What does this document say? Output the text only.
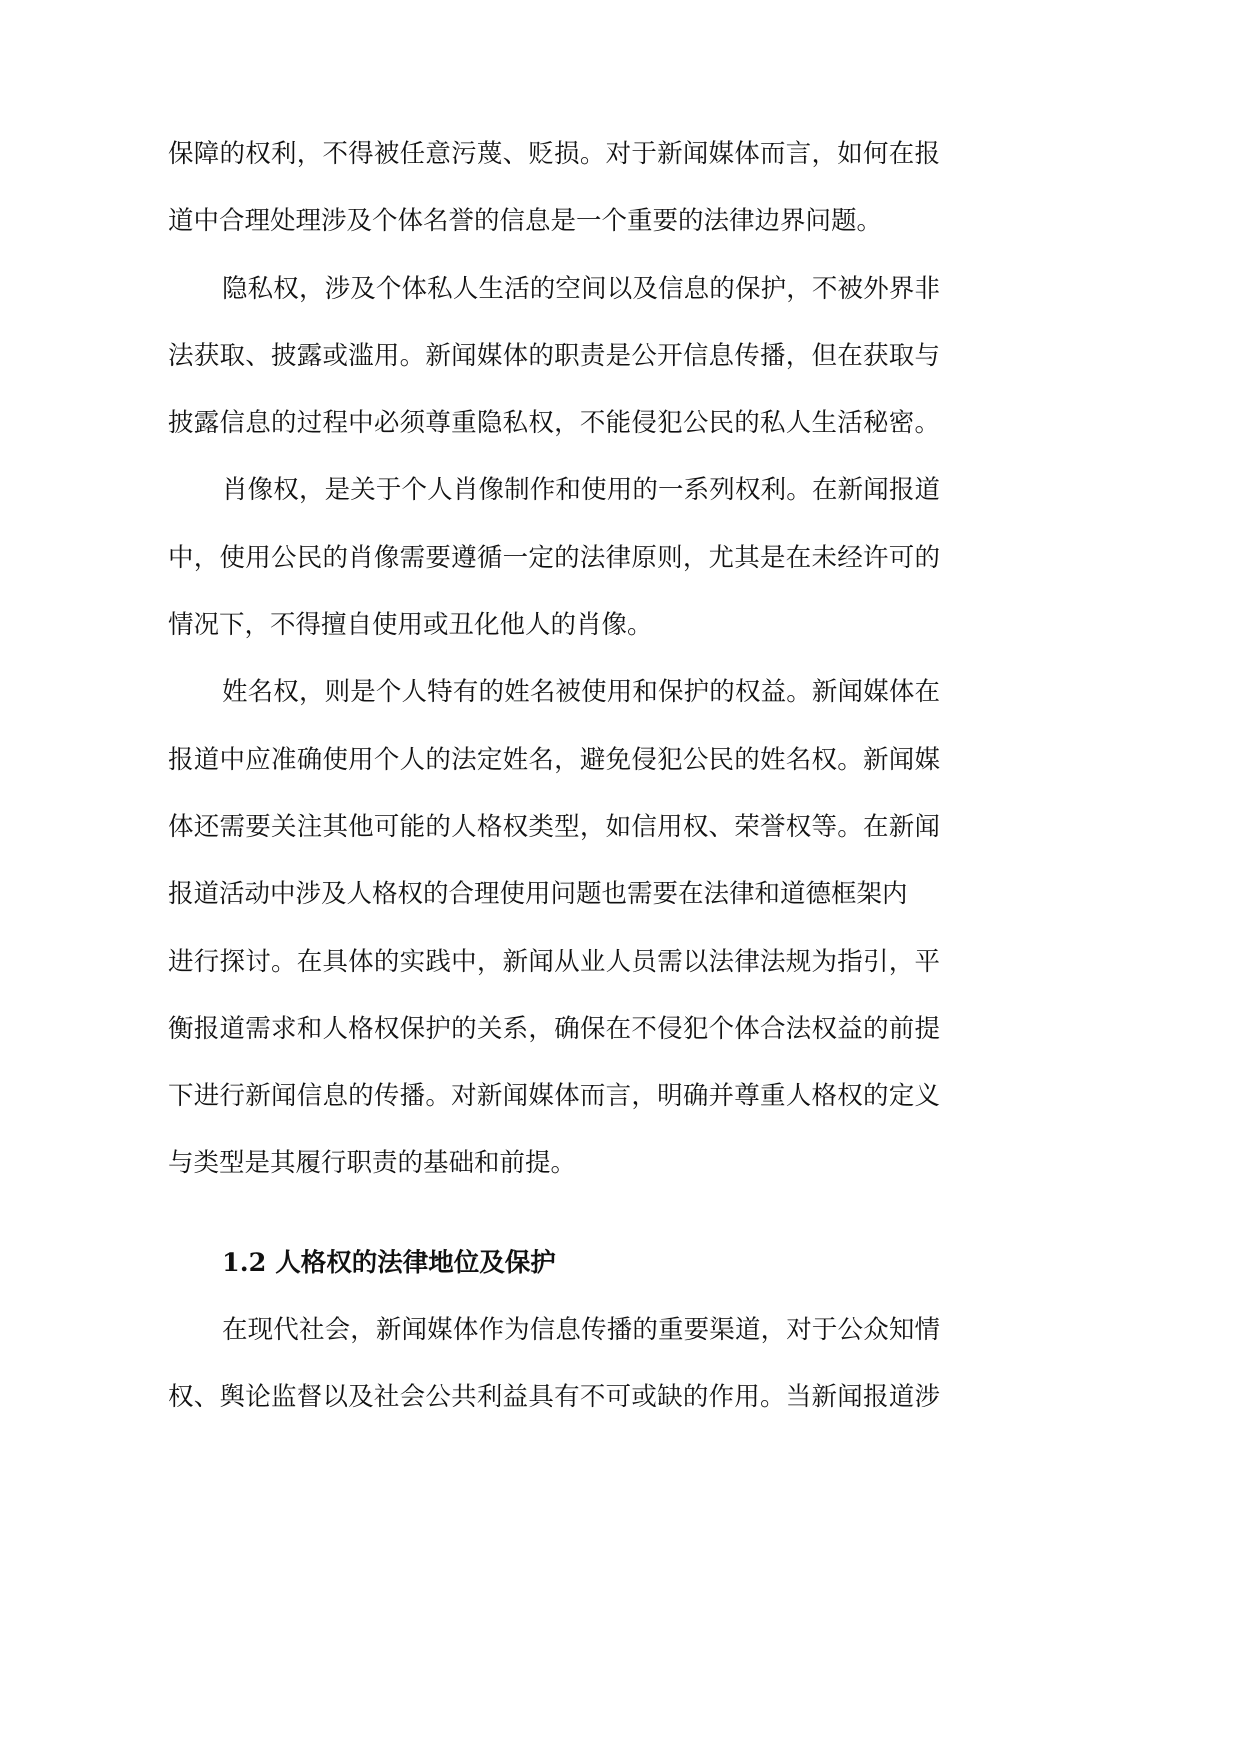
保障的权利，不得被任意污蔑、贬损。对于新闻媒体而言，如何在报
道中合理处理涉及个体名誉的信息是一个重要的法律边界问题。
隐私权，涉及个体私人生活的空间以及信息的保护，不被外界非
法获取、披露或滥用。新闻媒体的职责是公开信息传播，但在获取与
披露信息的过程中必须尊重隐私权，不能侵犯公民的私人生活秘密。
肖像权，是关于个人肖像制作和使用的一系列权利。在新闻报道
中，使用公民的肖像需要遵循一定的法律原则，尤其是在未经许可的
情况下，不得擅自使用或丑化他人的肖像。
姓名权，则是个人特有的姓名被使用和保护的权益。新闻媒体在
报道中应准确使用个人的法定姓名，避免侵犯公民的姓名权。新闻媒
体还需要关注其他可能的人格权类型，如信用权、荣誉权等。在新闻
报道活动中涉及人格权的合理使用问题也需要在法律和道德框架内
进行探讨。在具体的实践中，新闻从业人员需以法律法规为指引，平
衡报道需求和人格权保护的关系，确保在不侵犯个体合法权益的前提
下进行新闻信息的传播。对新闻媒体而言，明确并尊重人格权的定义
与类型是其履行职责的基础和前提。
1.2 人格权的法律地位及保护
在现代社会，新闻媒体作为信息传播的重要渠道，对于公众知情
权、舆论监督以及社会公共利益具有不可或缺的作用。当新闻报道涉
